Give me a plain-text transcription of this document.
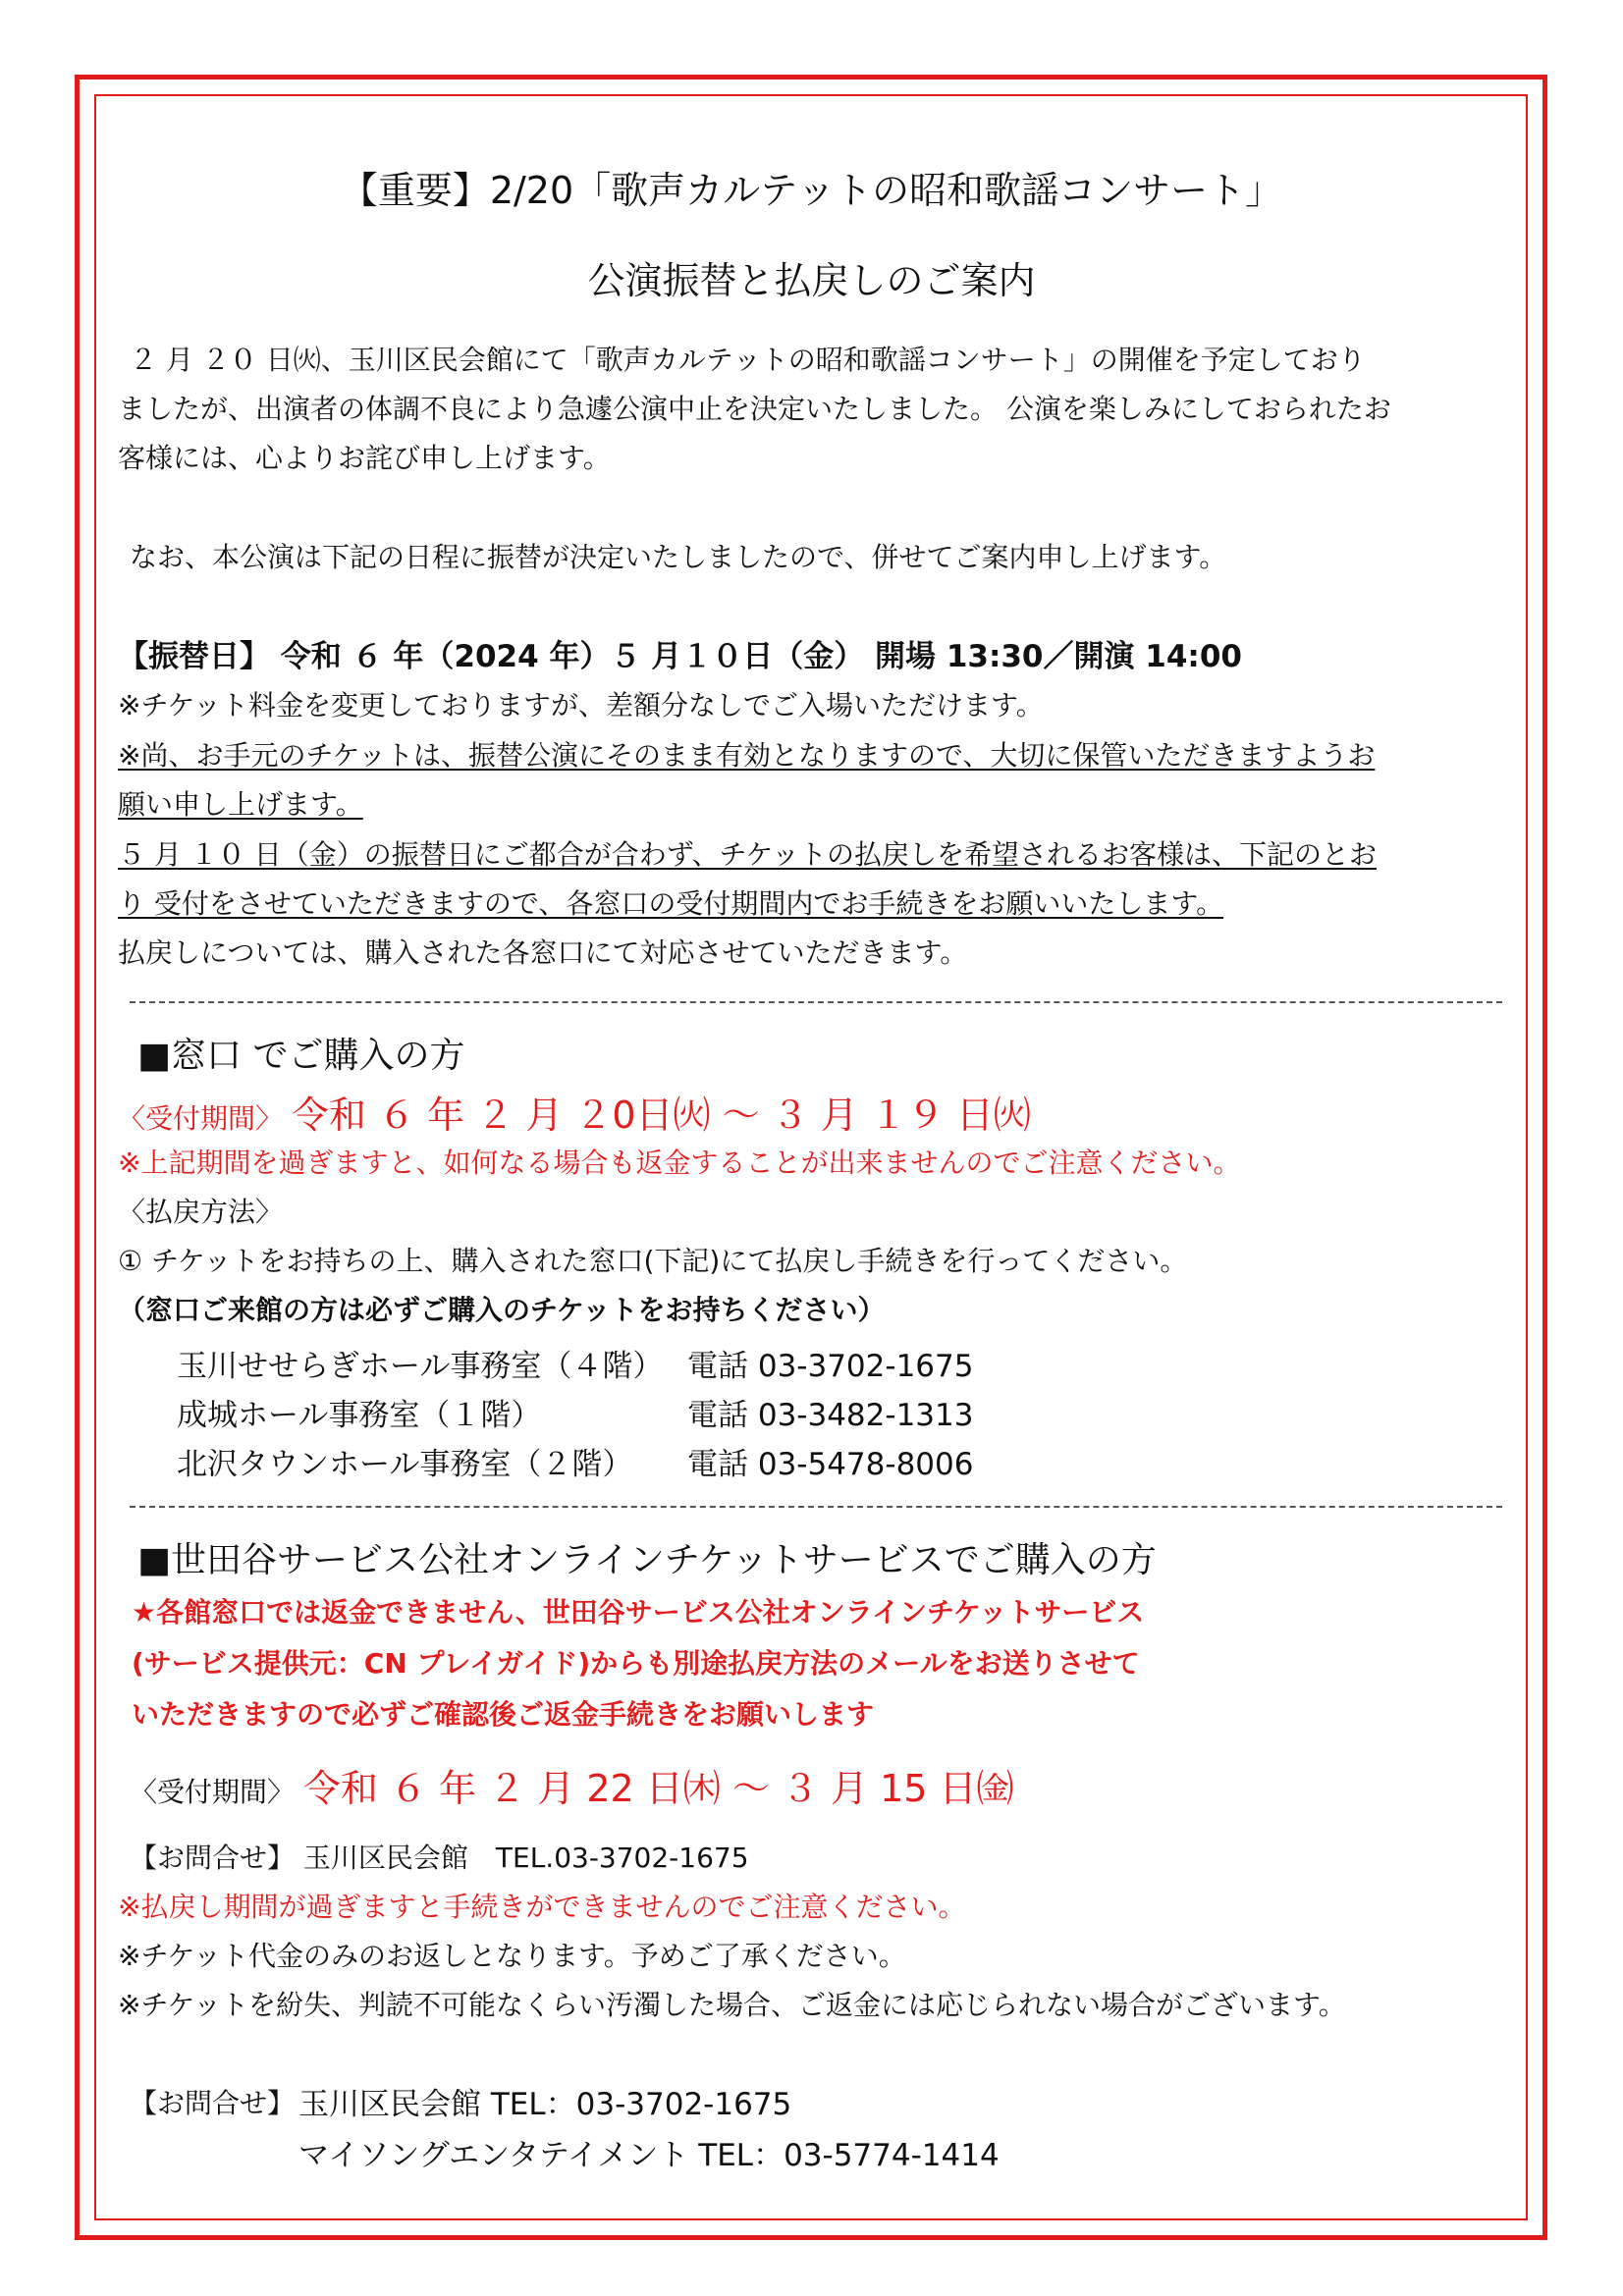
【重要】2/20「歌声カルテットの昭和歌謡コンサート」
公演振替と払戻しのご案内
２ 月 ２０ 日㈫、玉川区民会館にて「歌声カルテットの昭和歌謡コンサート」の開催を予定しており
ましたが、出演者の体調不良により急遽公演中止を決定いたしました。 公演を楽しみにしておられたお
客様には、心よりお詫び申し上げます。
なお、本公演は下記の日程に振替が決定いたしましたので、併せてご案内申し上げます。
【振替日】 令和 ６ 年（2024 年）５ 月１０日（金） 開場 13:30／開演 14:00
※チケット料金を変更しておりますが、差額分なしでご入場いただけます。
※尚、お手元のチケットは、振替公演にそのまま有効となりますので、大切に保管いただきますようお
願い申し上げます。
５ 月 １０ 日（金）の振替日にご都合が合わず、チケットの払戻しを希望されるお客様は、下記のとお
り 受付をさせていただきますので、各窓口の受付期間内でお手続きをお願いいたします。
払戻しについては、購入された各窓口にて対応させていただきます。
■窓口 でご購入の方
〈受付期間〉 令和 ６ 年 ２ 月 ２0日㈫ ～ ３ 月 １９ 日㈫
※上記期間を過ぎますと、如何なる場合も返金することが出来ませんのでご注意ください。
〈払戻方法〉
① チケットをお持ちの上、購入された窓口(下記)にて払戻し手続きを行ってください。
（窓口ご来館の方は必ずご購入のチケットをお持ちください）
玉川せせらぎホール事務室（４階） 電話 03-3702-1675
成城ホール事務室（１階）	電話 03-3482-1313
北沢タウンホール事務室（２階） 電話 03-5478-8006
■世田谷サービス公社オンラインチケットサービスでご購入の方
★各館窓口では返金できません、世田谷サービス公社オンラインチケットサービス
(サービス提供元：CN プレイガイド)からも別途払戻方法のメールをお送りさせて
いただきますので必ずご確認後ご返金手続きをお願いします
〈受付期間〉 令和 ６ 年 ２ 月 22 日㈭ ～ ３ 月 15 日㈮
【お問合せ】 玉川区民会館　TEL.03-3702-1675
※払戻し期間が過ぎますと手続きができませんのでご注意ください。
※チケット代金のみのお返しとなります。予めご了承ください。
※チケットを紛失、判読不可能なくらい汚濁した場合、ご返金には応じられない場合がございます。
【お問合せ】 玉川区民会館 TEL：03-3702-1675
マイソングエンタテイメント TEL：03-5774-1414
